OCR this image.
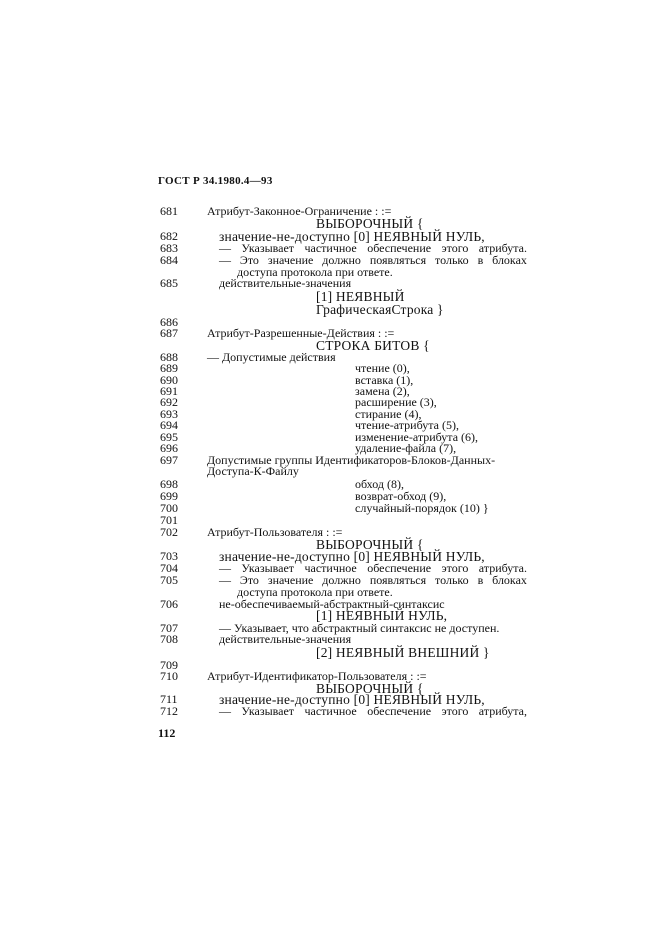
ГОСТ Р 34.1980.4—93
681 Атрибут-Законное-Ограничение : :=
ВЫБОРОЧНЫЙ {
682	значение-не-доступно [0] НЕЯВНЫЙ НУЛЬ,
683	— Указывает частичное обеспечение этого атрибута.
684	— Это значение должно появляться только в блоках
доступа протокола при ответе.
685	действительные-значения
[1] НЕЯВНЫЙ
ГрафическаяСтрока }
686
687 Атрибут-Разрешенные-Действия : :=
СТРОКА БИТОВ {
688 — Допустимые действия
689	чтение (0),
690	вставка (1),
691	замена (2),
692	расширение (3),
693	стирание (4),
694	чтение-атрибута (5),
695	изменение-атрибута (6),
696	удаление-файла (7),
697 Допустимые группы Идентификаторов-Блоков-Данных-
Доступа-К-Файлу
698	обход (8),
699	возврат-обход (9),
700	случайный-порядок (10) }
701
702 Атрибут-Пользователя : :=
ВЫБОРОЧНЫЙ {
703	значение-не-доступно [0] НЕЯВНЫЙ НУЛЬ,
704	— Указывает частичное обеспечение этого атрибута.
705	— Это значение должно появляться только в блоках
доступа протокола при ответе.
706	не-обеспечиваемый-абстрактный-синтаксис
[1] НЕЯВНЫЙ НУЛЬ,
707	— Указывает, что абстрактный синтаксис не доступен.
708	действительные-значения
[2] НЕЯВНЫЙ ВНЕШНИЙ }
709
710 Атрибут-Идентификатор-Пользователя : :=
ВЫБОРОЧНЫЙ {
711	значение-не-доступно [0] НЕЯВНЫЙ НУЛЬ,
712	— Указывает частичное обеспечение этого атрибута,
112
